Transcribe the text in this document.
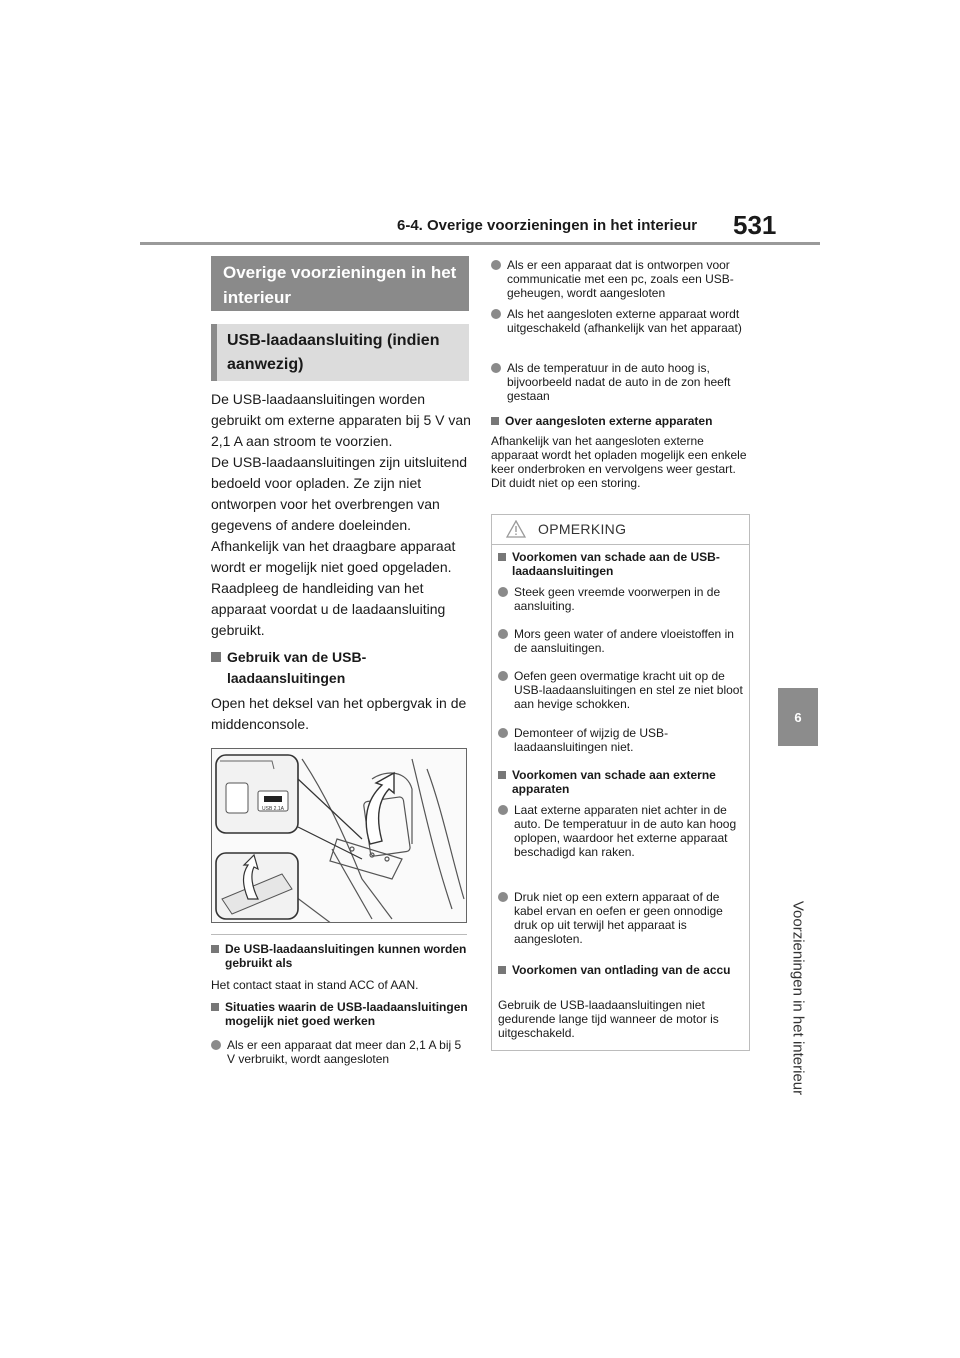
6-4. Overige voorzieningen in het interieur 531
6
Voorzieningen in het interieur
Overige voorzieningen in het interieur
USB-laadaansluiting (indien aanwezig)

De USB-laadaansluitingen worden gebruikt om externe apparaten bij 5 V van 2,1 A aan stroom te voorzien.

De USB-laadaansluitingen zijn uitsluitend bedoeld voor opladen. Ze zijn niet ontworpen voor het overbrengen van gegevens of andere doeleinden.

Afhankelijk van het draagbare apparaat wordt er mogelijk niet goed opgeladen. Raadpleeg de handleiding van het apparaat voordat u de laadaansluiting gebruikt.

Gebruik van de USB-laadaansluitingen
Open het deksel van het opbergvak in de middenconsole.
USB 2.1A
De USB-laadaansluitingen kunnen worden gebruikt als
Het contact staat in stand ACC of AAN.
Situaties waarin de USB-laadaansluitingen mogelijk niet goed werken
Als er een apparaat dat meer dan 2,1 A bij 5 V verbruikt, wordt aangesloten
Als er een apparaat dat is ontworpen voor communicatie met een pc, zoals een USB-geheugen, wordt aangesloten
Als het aangesloten externe apparaat wordt uitgeschakeld (afhankelijk van het apparaat)
Als de temperatuur in de auto hoog is, bijvoorbeeld nadat de auto in de zon heeft gestaan
Over aangesloten externe apparaten
Afhankelijk van het aangesloten externe apparaat wordt het opladen mogelijk een enkele keer onderbroken en vervolgens weer gestart. Dit duidt niet op een storing.
OPMERKING
Voorkomen van schade aan de USB-laadaansluitingen
Steek geen vreemde voorwerpen in de aansluiting.
Mors geen water of andere vloeistoffen in de aansluitingen.
Oefen geen overmatige kracht uit op de USB-laadaansluitingen en stel ze niet bloot aan hevige schokken.
Demonteer of wijzig de USB-laadaansluitingen niet.
Voorkomen van schade aan externe apparaten
Laat externe apparaten niet achter in de auto. De temperatuur in de auto kan hoog oplopen, waardoor het externe apparaat beschadigd kan raken.
Druk niet op een extern apparaat of de kabel ervan en oefen er geen onnodige druk op uit terwijl het apparaat is aangesloten.
Voorkomen van ontlading van de accu
Gebruik de USB-laadaansluitingen niet gedurende lange tijd wanneer de motor is uitgeschakeld.
